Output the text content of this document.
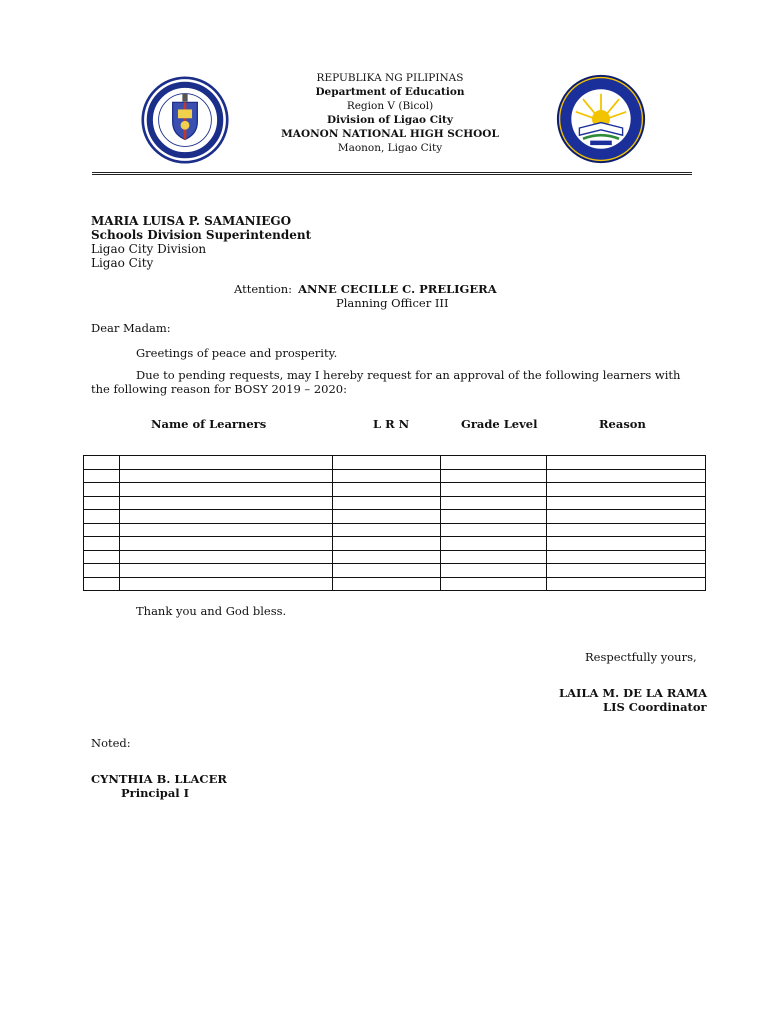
REPUBLIKA NG PILIPINAS
Department of Education
Region V (Bicol)
Division of Ligao City
MAONON NATIONAL HIGH SCHOOL
Maonon, Ligao City
MARIA LUISA P. SAMANIEGO
Schools Division Superintendent
Ligao City Division
Ligao City
Attention: ANNE CECILLE C. PRELIGERA
Planning Officer III
Dear Madam:
Greetings of peace and prosperity.
Due to pending requests, may I hereby request for an approval of the following learners with
the following reason for BOSY 2019 – 2020:
Name of Learners	L R N	Grade Level	Reason

Thank you and God bless.
Respectfully yours,
LAILA M. DE LA RAMA
LIS Coordinator
Noted:
CYNTHIA B. LLACER
Principal I
